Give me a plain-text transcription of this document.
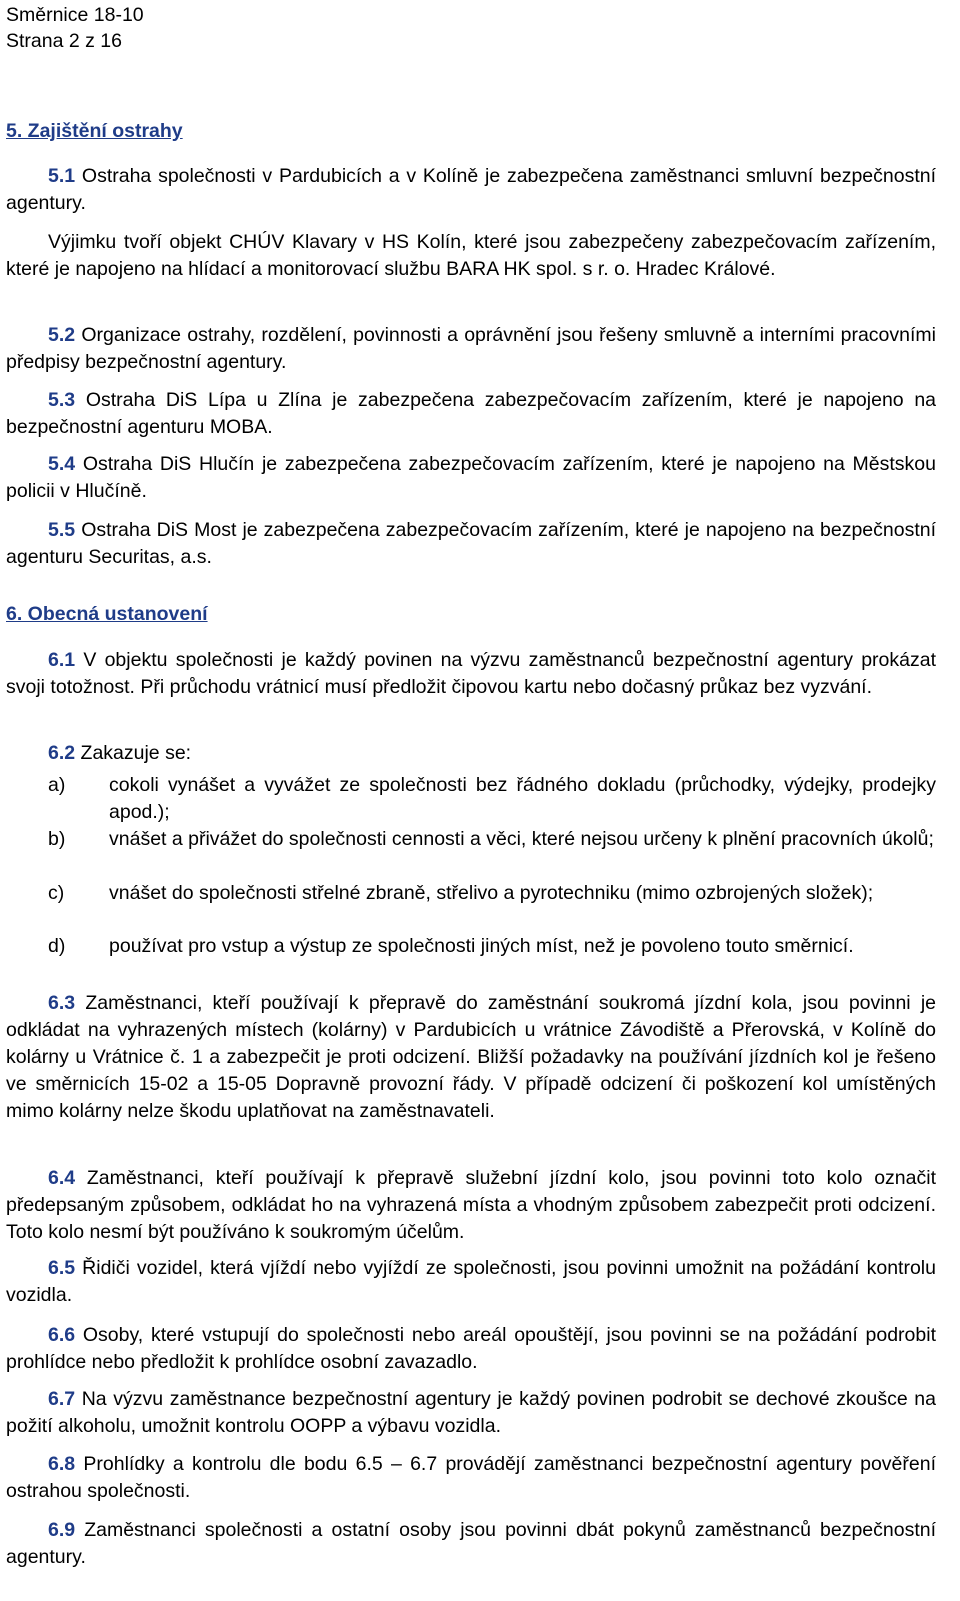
Směrnice 18-10
Strana 2 z 16
5. Zajištění ostrahy
5.1 Ostraha společnosti v Pardubicích a v Kolíně je zabezpečena zaměstnanci smluvní bezpečnostní agentury.
Výjimku tvoří objekt CHÚV Klavary v HS Kolín, které jsou zabezpečeny zabezpečovacím zařízením, které je napojeno na hlídací a monitorovací službu BARA HK spol. s r. o. Hradec Králové.
5.2 Organizace ostrahy, rozdělení, povinnosti a oprávnění jsou řešeny smluvně a interními pracovními předpisy bezpečnostní agentury.
5.3 Ostraha DiS Lípa u Zlína je zabezpečena zabezpečovacím zařízením, které je napojeno na bezpečnostní agenturu MOBA.
5.4 Ostraha DiS Hlučín je zabezpečena zabezpečovacím zařízením, které je napojeno na Městskou policii v Hlučíně.
5.5 Ostraha DiS Most je zabezpečena zabezpečovacím zařízením, které je napojeno na bezpečnostní agenturu Securitas, a.s.
6. Obecná ustanovení
6.1 V objektu společnosti je každý povinen na výzvu zaměstnanců bezpečnostní agentury prokázat svoji totožnost. Při průchodu vrátnicí musí předložit čipovou kartu nebo dočasný průkaz bez vyzvání.
6.2 Zakazuje se:
a)	cokoli vynášet a vyvážet ze společnosti bez řádného dokladu (průchodky, výdejky, prodejky apod.);
b)	vnášet a přivážet do společnosti cennosti a věci, které nejsou určeny k plnění pracovních úkolů;
c)	vnášet do společnosti střelné zbraně, střelivo a pyrotechniku (mimo ozbrojených složek);
d)	používat pro vstup a výstup ze společnosti jiných míst, než je povoleno touto směrnicí.
6.3 Zaměstnanci, kteří používají k přepravě do zaměstnání soukromá jízdní kola, jsou povinni je odkládat na vyhrazených místech (kolárny) v Pardubicích u vrátnice Závodiště a Přerovská, v Kolíně do kolárny u Vrátnice č. 1 a zabezpečit je proti odcizení. Bližší požadavky na používání jízdních kol je řešeno ve směrnicích 15-02 a 15-05 Dopravně provozní řády. V případě odcizení či poškození kol umístěných mimo kolárny nelze škodu uplatňovat na zaměstnavateli.
6.4 Zaměstnanci, kteří používají k přepravě služební jízdní kolo, jsou povinni toto kolo označit předepsaným způsobem, odkládat ho na vyhrazená místa a vhodným způsobem zabezpečit proti odcizení. Toto kolo nesmí být používáno k soukromým účelům.
6.5 Řidiči vozidel, která vjíždí nebo vyjíždí ze společnosti, jsou povinni umožnit na požádání kontrolu vozidla.
6.6 Osoby, které vstupují do společnosti nebo areál opouštějí, jsou povinni se na požádání podrobit prohlídce nebo předložit k prohlídce osobní zavazadlo.
6.7 Na výzvu zaměstnance bezpečnostní agentury je každý povinen podrobit se dechové zkoušce na požití alkoholu, umožnit kontrolu OOPP a výbavu vozidla.
6.8 Prohlídky a kontrolu dle bodu 6.5 – 6.7 provádějí zaměstnanci bezpečnostní agentury pověření ostrahou společnosti.
6.9 Zaměstnanci společnosti a ostatní osoby jsou povinni dbát pokynů zaměstnanců bezpečnostní agentury.
